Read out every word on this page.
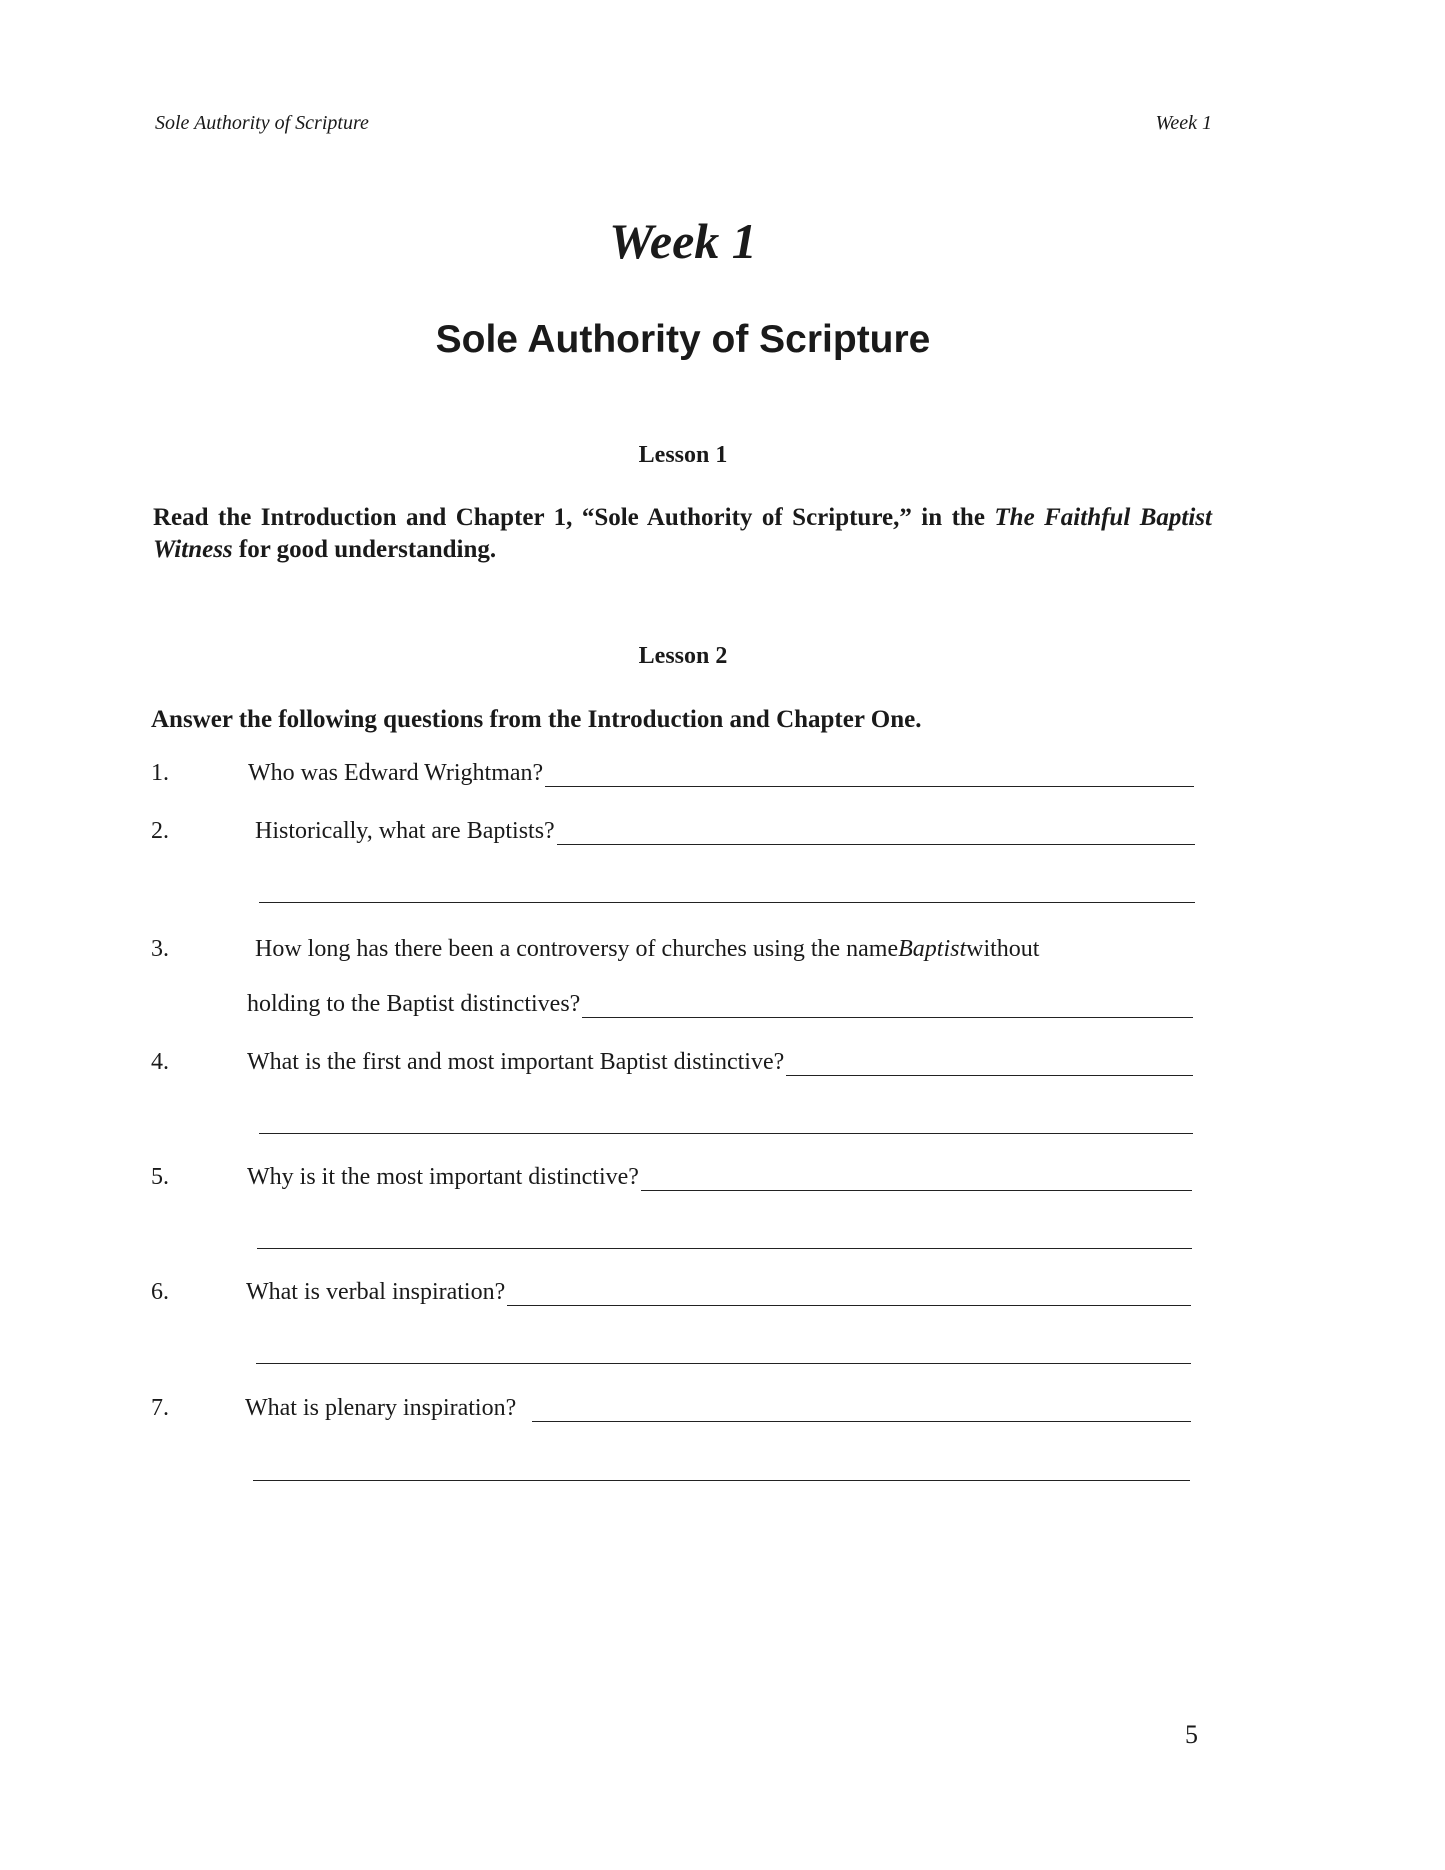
Sole Authority of Scripture	Week 1
Week 1
Sole Authority of Scripture
Lesson 1
Read the Introduction and Chapter 1, “Sole Authority of Scripture,” in the The Faithful Baptist Witness for good understanding.
Lesson 2
Answer the following questions from the Introduction and Chapter One.
1.	Who was Edward Wrightman?
2.	Historically, what are Baptists?
3.	How long has there been a controversy of churches using the name Baptist without
holding to the Baptist distinctives?
4.	What is the first and most important Baptist distinctive?
5.	Why is it the most important distinctive?
6.	What is verbal inspiration?
7.	What is plenary inspiration?
5
